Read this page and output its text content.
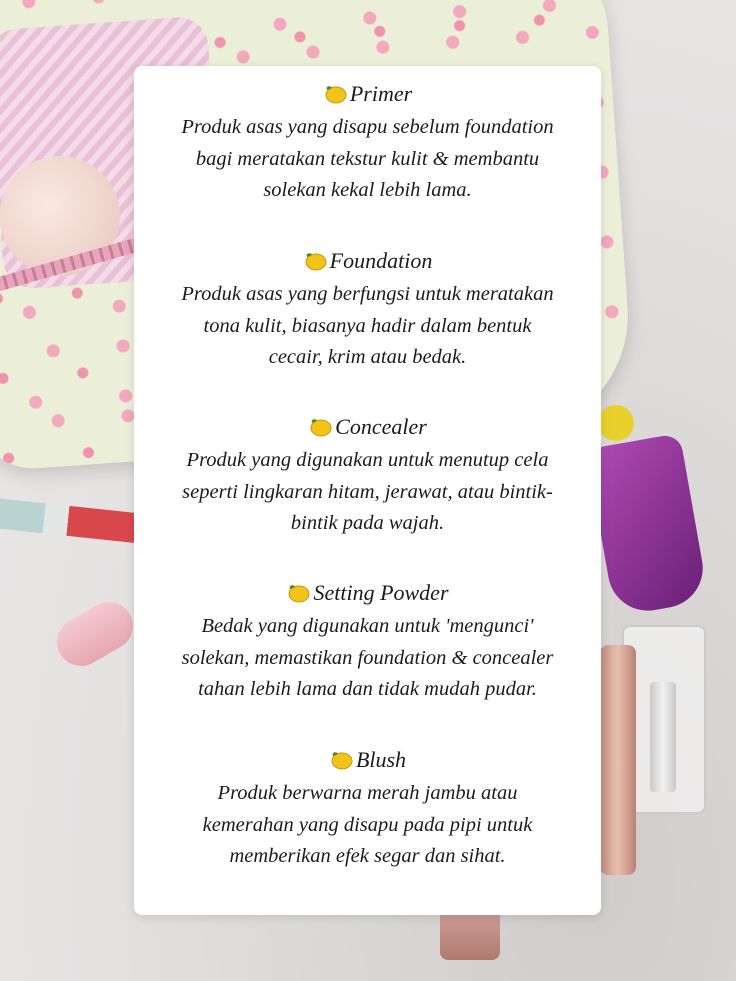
Primer
Produk asas yang disapu sebelum foundation
bagi meratakan tekstur kulit & membantu
solekan kekal lebih lama.
Foundation
Produk asas yang berfungsi untuk meratakan
tona kulit, biasanya hadir dalam bentuk
cecair, krim atau bedak.
Concealer
Produk yang digunakan untuk menutup cela
seperti lingkaran hitam, jerawat, atau bintik-
bintik pada wajah.
Setting Powder
Bedak yang digunakan untuk 'mengunci'
solekan, memastikan foundation & concealer
tahan lebih lama dan tidak mudah pudar.
Blush
Produk berwarna merah jambu atau
kemerahan yang disapu pada pipi untuk
memberikan efek segar dan sihat.
